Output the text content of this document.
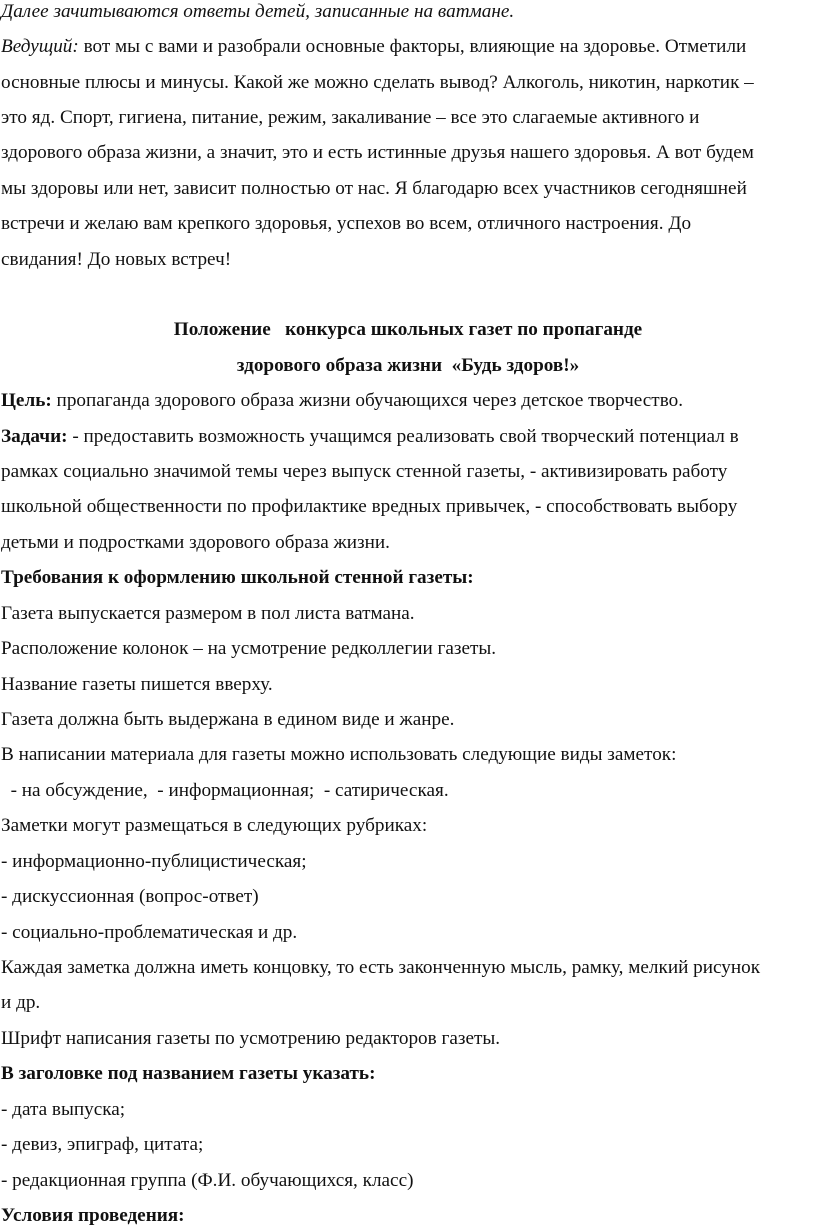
Далее зачитываются ответы детей, записанные на ватмане.
Ведущий: вот мы с вами и разобрали основные факторы, влияющие на здоровье. Отметили
основные плюсы и минусы. Какой же можно сделать вывод? Алкоголь, никотин, наркотик –
это яд. Спорт, гигиена, питание, режим, закаливание – все это слагаемые активного и
здорового образа жизни, а значит, это и есть истинные друзья нашего здоровья. А вот будем
мы здоровы или нет, зависит полностью от нас. Я благодарю всех участников сегодняшней
встречи и желаю вам крепкого здоровья, успехов во всем, отличного настроения. До
свидания! До новых встреч!
Положение   конкурса школьных газет по пропаганде
здорового образа жизни  «Будь здоров!»
Цель: пропаганда здорового образа жизни обучающихся через детское творчество.
Задачи: - предоставить возможность учащимся реализовать свой творческий потенциал в
рамках социально значимой темы через выпуск стенной газеты, - активизировать работу
школьной общественности по профилактике вредных привычек, - способствовать выбору
детьми и подростками здорового образа жизни.
Требования к оформлению школьной стенной газеты:
Газета выпускается размером в пол листа ватмана.
Расположение колонок – на усмотрение редколлегии газеты.
Название газеты пишется вверху.
Газета должна быть выдержана в едином виде и жанре.
В написании материала для газеты можно использовать следующие виды заметок:
- на обсуждение,  - информационная;  - сатирическая.
Заметки могут размещаться в следующих рубриках:
- информационно-публицистическая;
- дискуссионная (вопрос-ответ)
- социально-проблематическая и др.
Каждая заметка должна иметь концовку, то есть законченную мысль, рамку, мелкий рисунок
и др.
Шрифт написания газеты по усмотрению редакторов газеты.
В заголовке под названием газеты указать:
- дата выпуска;
- девиз, эпиграф, цитата;
- редакционная группа (Ф.И. обучающихся, класс)
Условия проведения:
